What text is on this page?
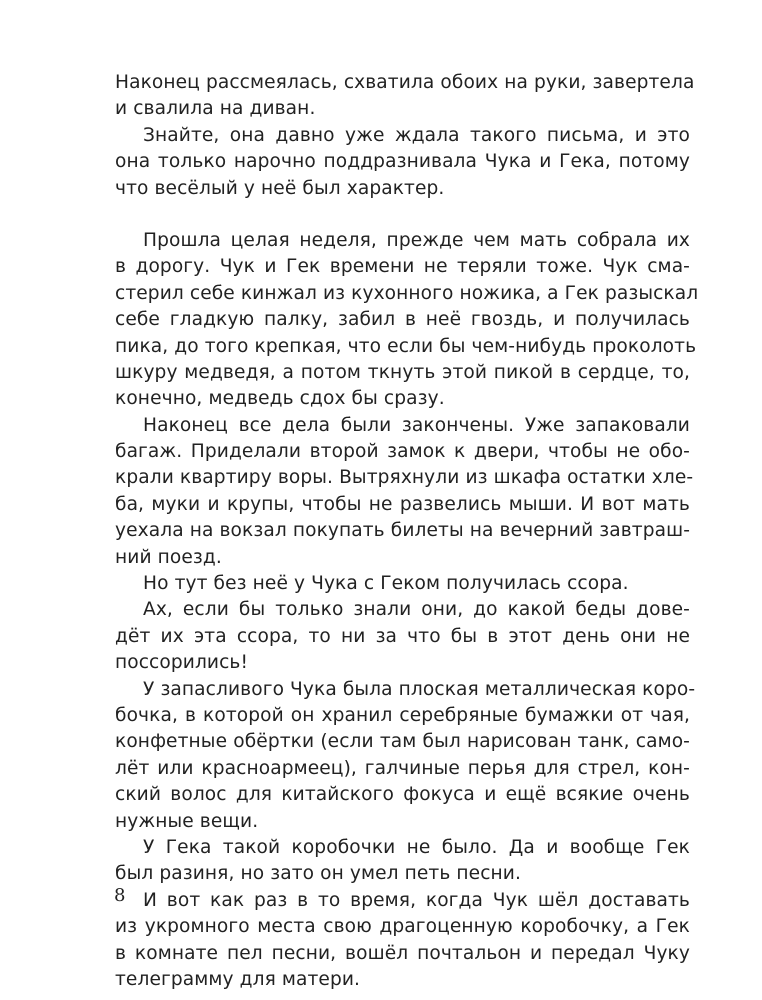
Наконец рассмеялась, схватила обоих на руки, завертела
и свалила на диван.
Знайте, она давно уже ждала такого письма, и это
она только нарочно поддразнивала Чука и Гека, потому
что весёлый у неё был характер.
Прошла целая неделя, прежде чем мать собрала их
в дорогу. Чук и Гек времени не теряли тоже. Чук сма-
стерил себе кинжал из кухонного ножика, а Гек разыскал
себе гладкую палку, забил в неё гвоздь, и получилась
пика, до того крепкая, что если бы чем-нибудь проколоть
шкуру медведя, а потом ткнуть этой пикой в сердце, то,
конечно, медведь сдох бы сразу.
Наконец все дела были закончены. Уже запаковали
багаж. Приделали второй замок к двери, чтобы не обо-
крали квартиру воры. Вытряхнули из шкафа остатки хле-
ба, муки и крупы, чтобы не развелись мыши. И вот мать
уехала на вокзал покупать билеты на вечерний завтраш-
ний поезд.
Но тут без неё у Чука с Геком получилась ссора.
Ах, если бы только знали они, до какой беды дове-
дёт их эта ссора, то ни за что бы в этот день они не
поссорились!
У запасливого Чука была плоская металлическая коро-
бочка, в которой он хранил серебряные бумажки от чая,
конфетные обёртки (если там был нарисован танк, само-
лёт или красноармеец), галчиные перья для стрел, кон-
ский волос для китайского фокуса и ещё всякие очень
нужные вещи.
У Гека такой коробочки не было. Да и вообще Гек
был разиня, но зато он умел петь песни.
И вот как раз в то время, когда Чук шёл доставать
из укромного места свою драгоценную коробочку, а Гек
в комнате пел песни, вошёл почтальон и передал Чуку
телеграмму для матери.
8
